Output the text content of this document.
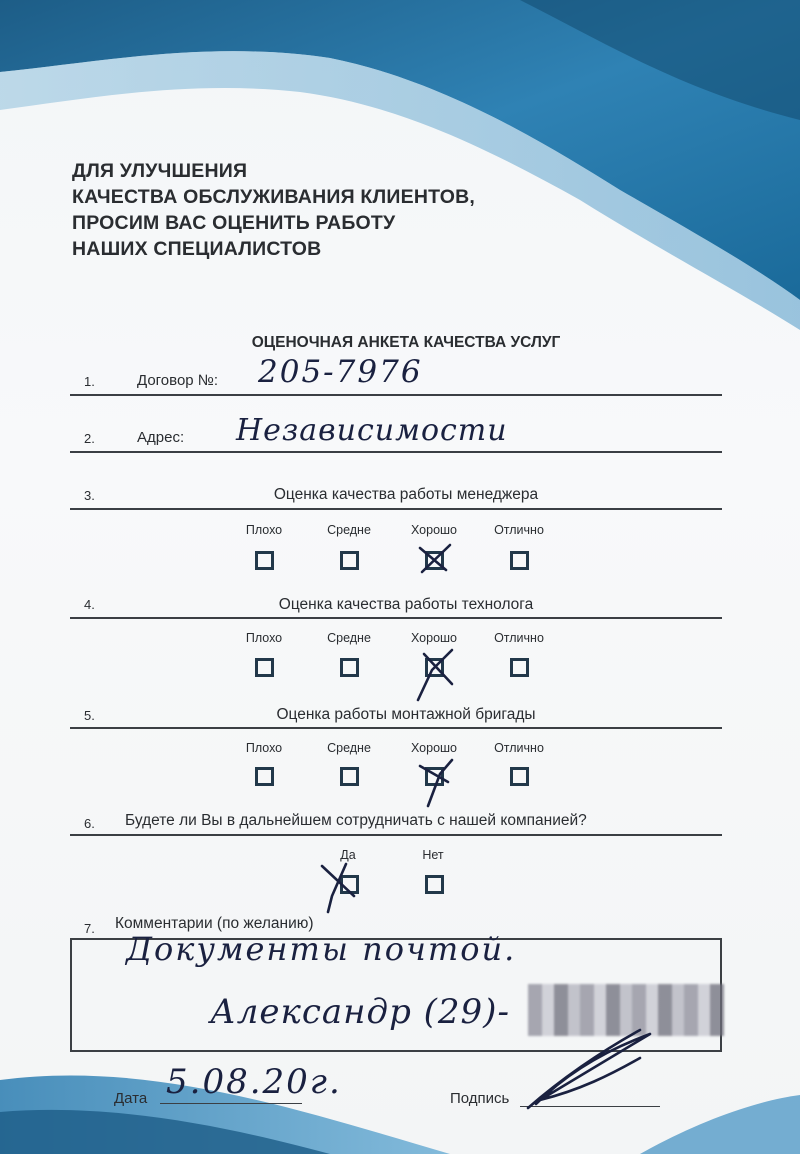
ДЛЯ УЛУЧШЕНИЯ
КАЧЕСТВА ОБСЛУЖИВАНИЯ КЛИЕНТОВ,
ПРОСИМ ВАС ОЦЕНИТЬ РАБОТУ
НАШИХ СПЕЦИАЛИСТОВ
ОЦЕНОЧНАЯ АНКЕТА КАЧЕСТВА УСЛУГ
1.	Договор №: 205-7976
2.	Адрес: Независимости
3.	Оценка качества работы менеджера
Плохо	Средне	Хорошо	Отлично
4.	Оценка качества работы технолога
Плохо	Средне	Хорошо	Отлично
5.	Оценка работы монтажной бригады
Плохо	Средне	Хорошо	Отлично
6. Будете ли Вы в дальнейшем сотрудничать с нашей компанией?
Да	Нет
7. Комментарии (по желанию)
Документы почтой.
Александр (29)-
Дата 5.08.20г.	Подпись
